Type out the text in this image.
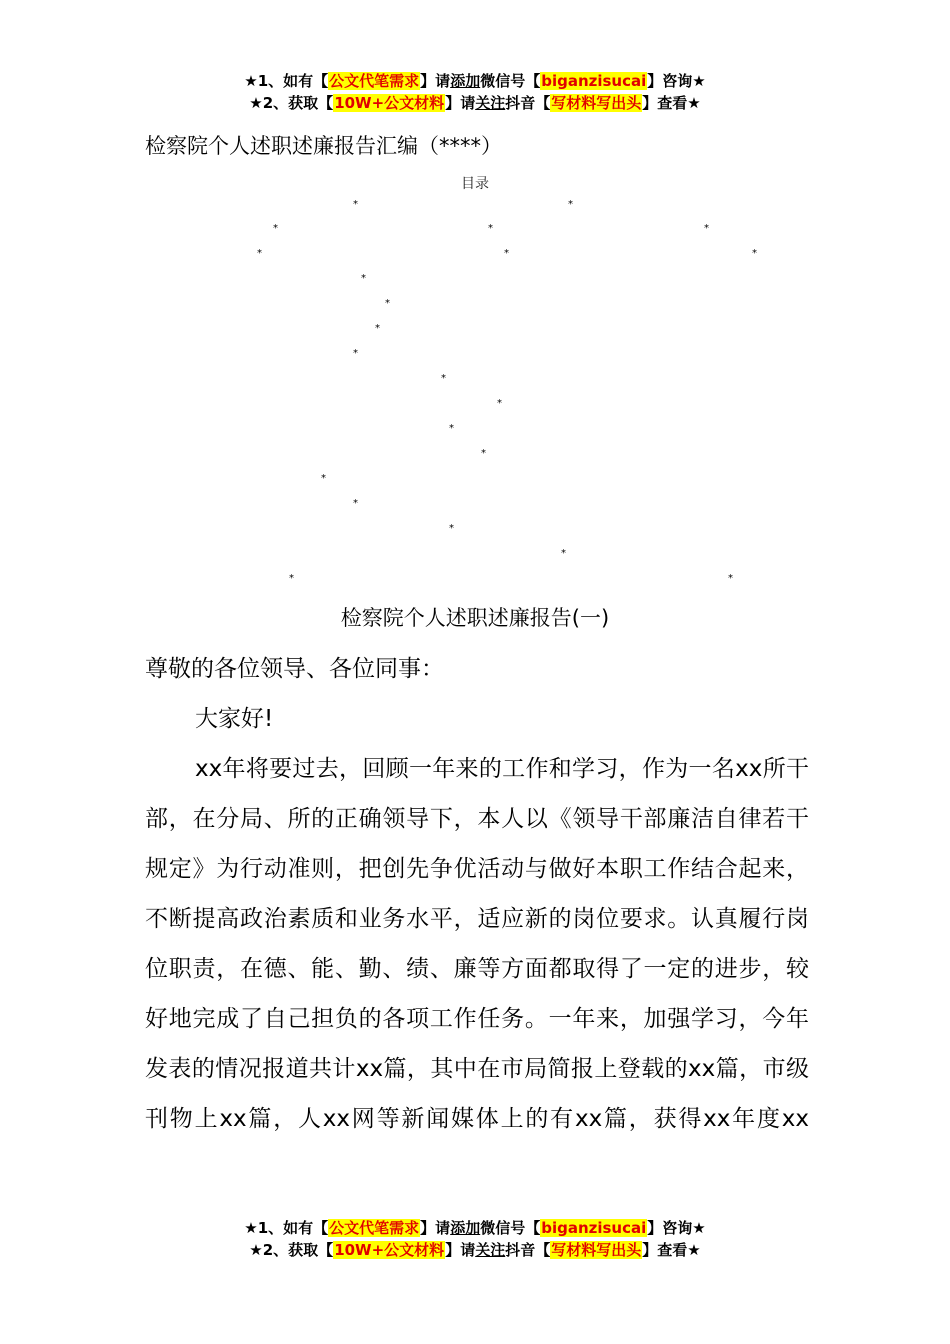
★1、如有【公文代笔需求】请添加微信号【biganzisucai】咨询★
★2、获取【10W+公文材料】请关注抖音【写材料写出头】查看★
检察院个人述职述廉报告汇编（****）
目录
*	*
*	*	*
*	*	*
*
*
*
*
*
*
*
*
*
*
*
*
*	*
检察院个人述职述廉报告(一)
尊敬的各位领导、各位同事：
大家好!
xx年将要过去，回顾一年来的工作和学习，作为一名xx所干部，在分局、所的正确领导下，本人以《领导干部廉洁自律若干规定》为行动准则，把创先争优活动与做好本职工作结合起来，不断提高政治素质和业务水平，适应新的岗位要求。认真履行岗位职责，在德、能、勤、绩、廉等方面都取得了一定的进步，较好地完成了自己担负的各项工作任务。一年来，加强学习，今年发表的情况报道共计xx篇，其中在市局简报上登载的xx篇，市级刊物上xx篇，人xx网等新闻媒体上的有xx篇，获得xx年度xx
★1、如有【公文代笔需求】请添加微信号【biganzisucai】咨询★
★2、获取【10W+公文材料】请关注抖音【写材料写出头】查看★
